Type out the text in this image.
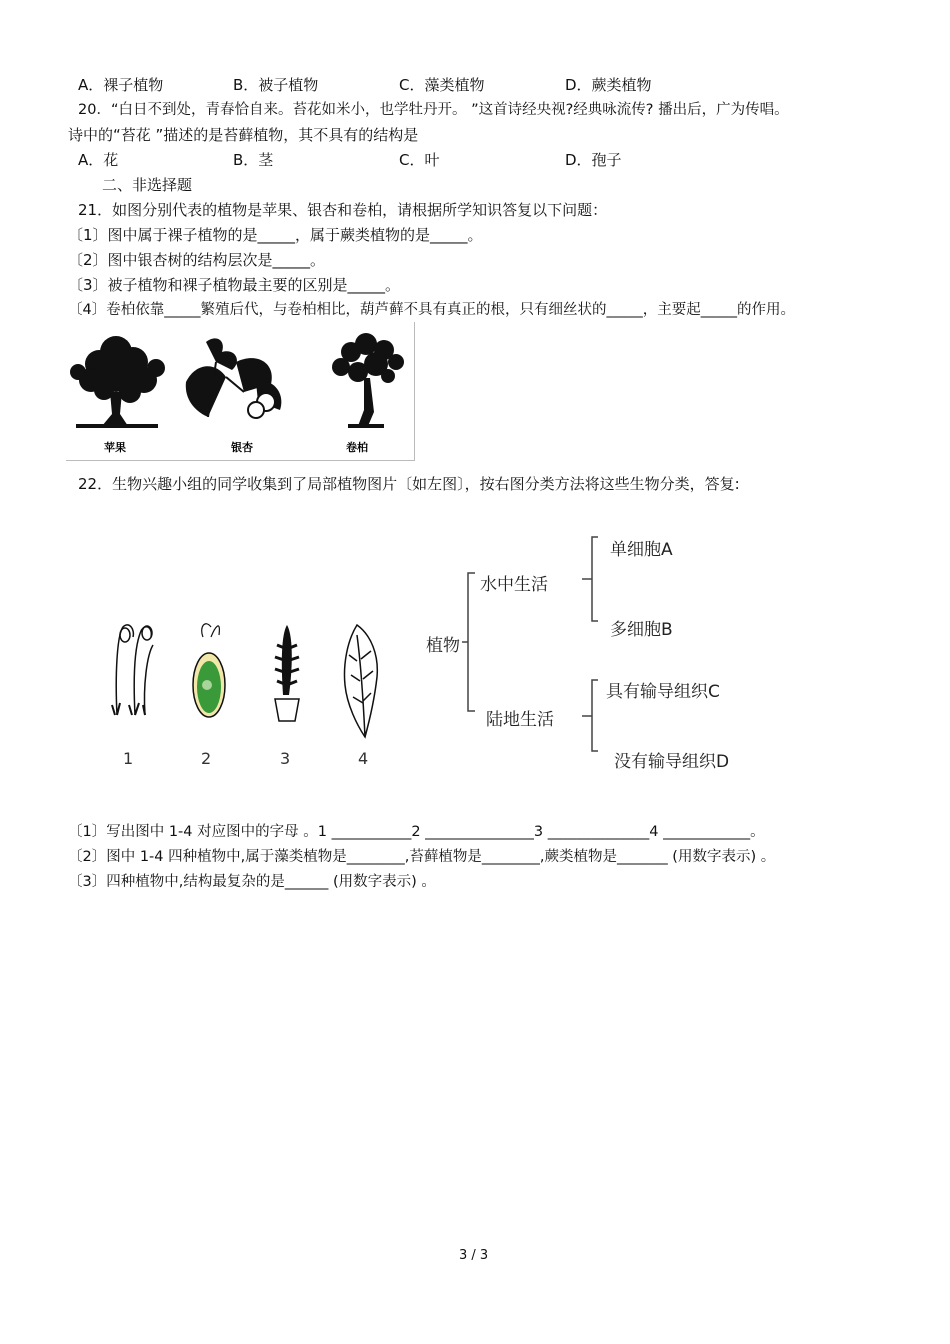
A．裸子植物	B．被子植物	C．藻类植物	D．蕨类植物
20．“白日不到处，青春恰自来。苔花如米小，也学牡丹开。 ”这首诗经央视?经典咏流传? 播出后，广为传唱。
诗中的“苔花 ”描述的是苔藓植物，其不具有的结构是
A．花	B．茎	C．叶	D．孢子
二、非选择题
21．如图分别代表的植物是苹果、银杏和卷柏，请根据所学知识答复以下问题：
〔1〕图中属于裸子植物的是_____，属于蕨类植物的是_____。
〔2〕图中银杏树的结构层次是_____。
〔3〕被子植物和裸子植物最主要的区别是_____。
〔4〕卷柏依靠_____繁殖后代，与卷柏相比，葫芦藓不具有真正的根，只有细丝状的_____，主要起_____的作用。
苹果	银杏	卷柏
22．生物兴趣小组的同学收集到了局部植物图片〔如左图〕，按右图分类方法将这些生物分类，答复:
1	2	3	4
植物
水中生活
陆地生活
单细胞A
多细胞B
具有输导组织C
没有输导组织D
〔1〕写出图中 1-4 对应图中的字母 。1 ___________2 _______________3 ______________4 ____________。
〔2〕图中 1-4 四种植物中,属于藻类植物是________,苔藓植物是________,蕨类植物是_______ (用数字表示) 。
〔3〕四种植物中,结构最复杂的是______ (用数字表示) 。
3 / 3
